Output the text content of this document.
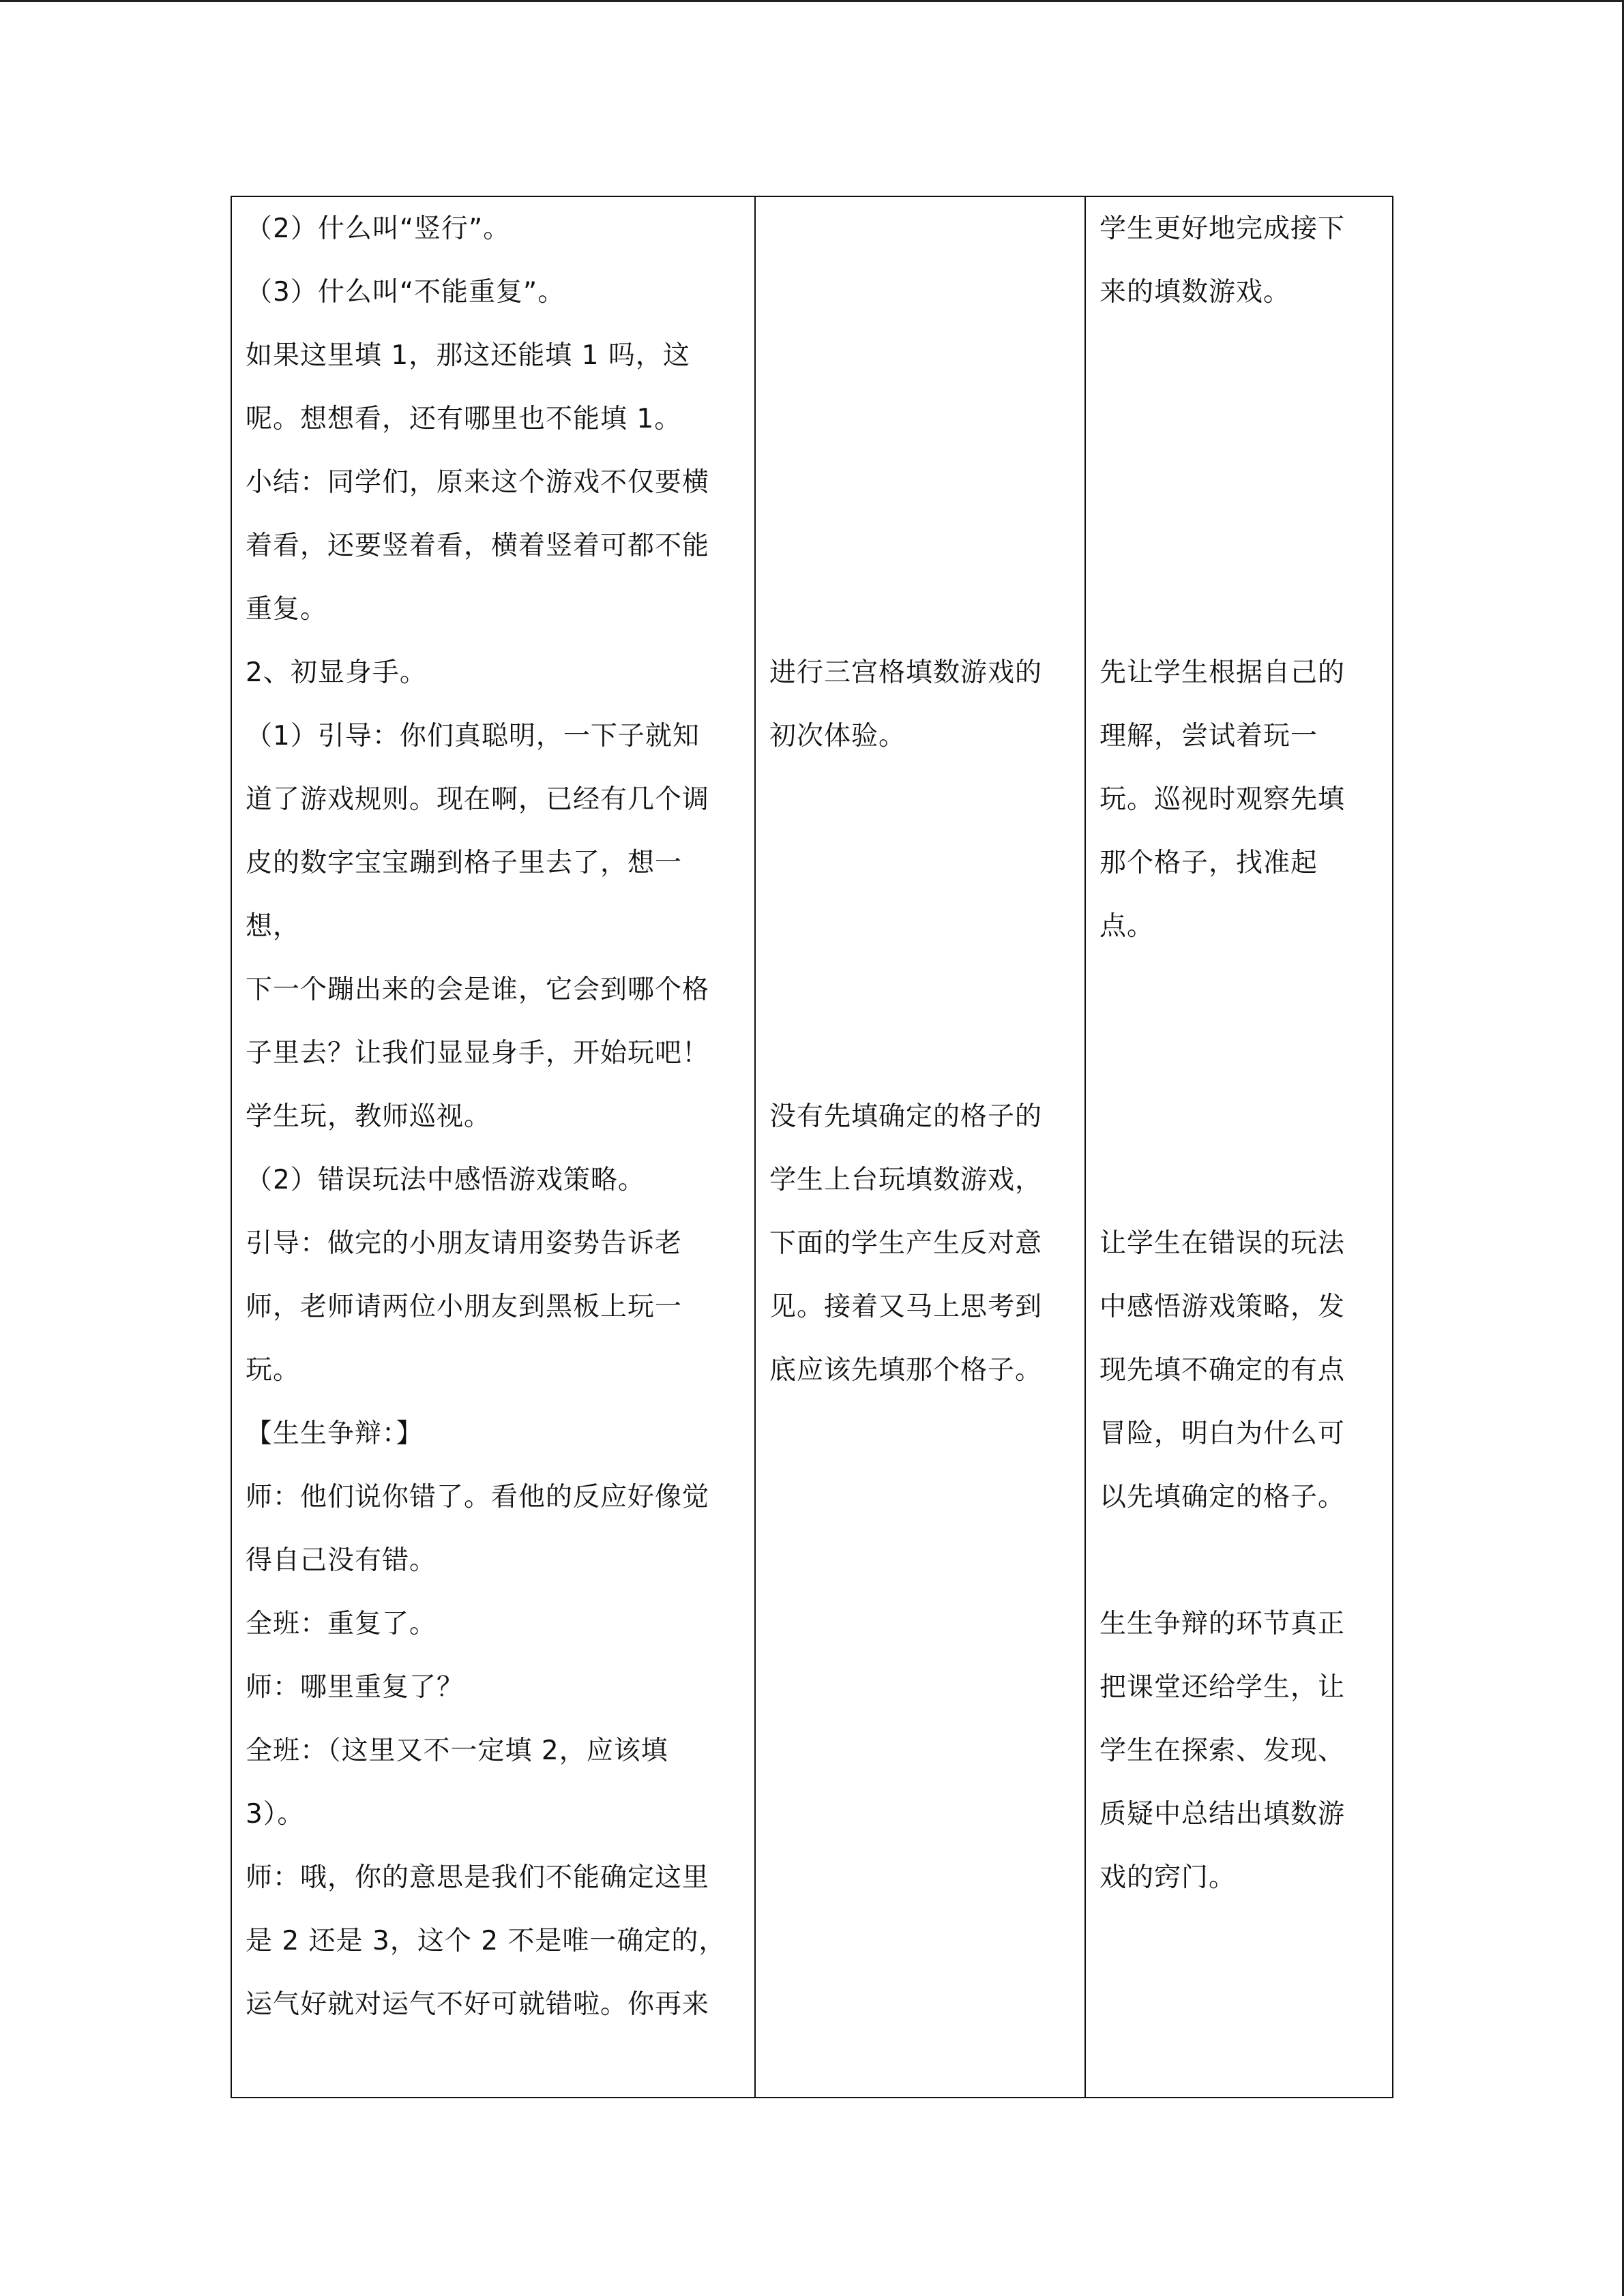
（2）什么叫“竖行”。
（3）什么叫“不能重复”。
如果这里填 1，那这还能填 1 吗，这
呢。想想看，还有哪里也不能填 1。
小结：同学们，原来这个游戏不仅要横
着看，还要竖着看，横着竖着可都不能
重复。
2、初显身手。
（1）引导：你们真聪明，一下子就知
道了游戏规则。现在啊，已经有几个调
皮的数字宝宝蹦到格子里去了，想一
想，
下一个蹦出来的会是谁，它会到哪个格
子里去？让我们显显身手，开始玩吧！
学生玩，教师巡视。
（2）错误玩法中感悟游戏策略。
引导：做完的小朋友请用姿势告诉老
师，老师请两位小朋友到黑板上玩一
玩。
【生生争辩：】
师：他们说你错了。看他的反应好像觉
得自己没有错。
全班：重复了。
师：哪里重复了？
全班：（这里又不一定填 2，应该填
3）。
师：哦，你的意思是我们不能确定这里
是 2 还是 3，这个 2 不是唯一确定的，
运气好就对运气不好可就错啦。你再来
进行三宫格填数游戏的
初次体验。
没有先填确定的格子的
学生上台玩填数游戏，
下面的学生产生反对意
见。接着又马上思考到
底应该先填那个格子。
学生更好地完成接下
来的填数游戏。
先让学生根据自己的
理解，尝试着玩一
玩。巡视时观察先填
那个格子，找准起
点。
让学生在错误的玩法
中感悟游戏策略，发
现先填不确定的有点
冒险，明白为什么可
以先填确定的格子。
生生争辩的环节真正
把课堂还给学生，让
学生在探索、发现、
质疑中总结出填数游
戏的窍门。
